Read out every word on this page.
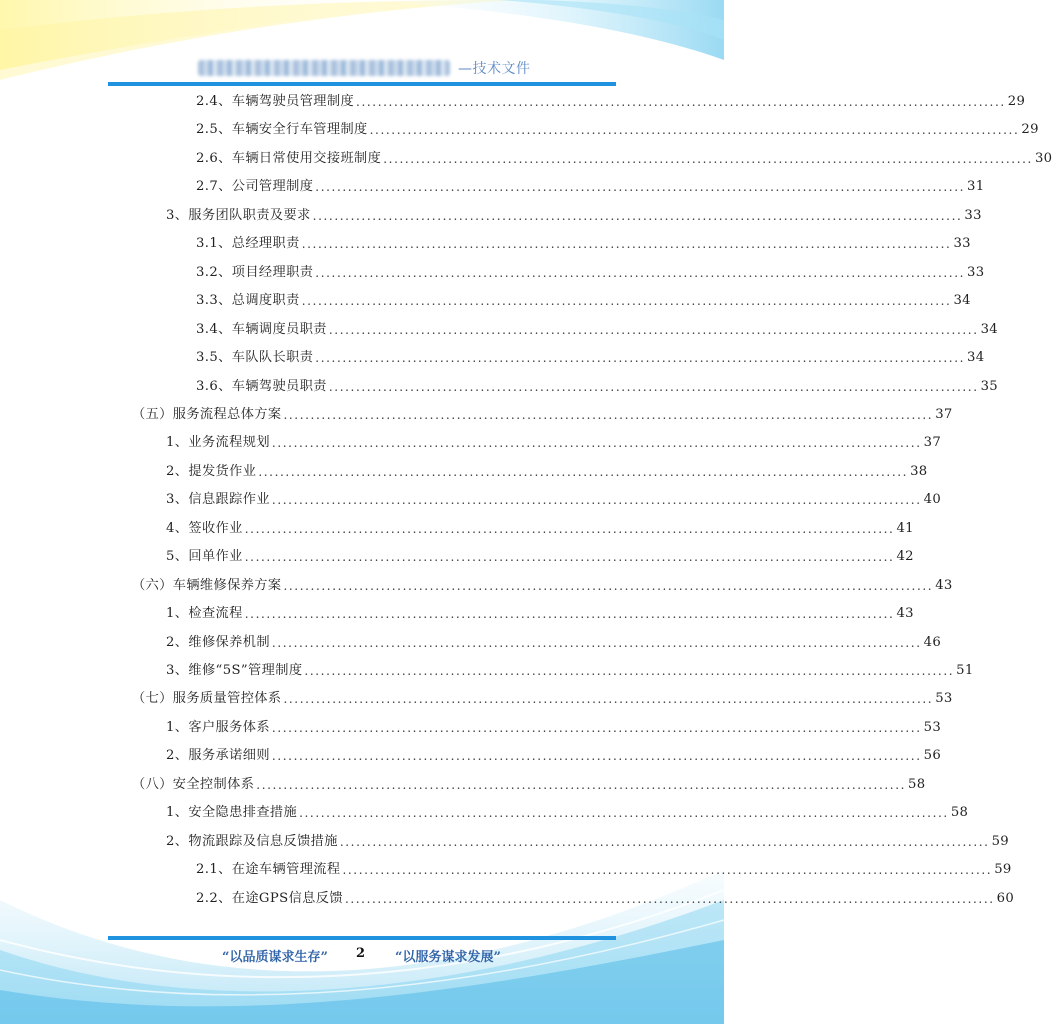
—技术文件
2.4、车辆驾驶员管理制度 ........................................................................................................................ 29
2.5、车辆安全行车管理制度 ........................................................................................................................ 29
2.6、车辆日常使用交接班制度 ........................................................................................................................ 30
2.7、公司管理制度 ........................................................................................................................ 31
3、服务团队职责及要求 ........................................................................................................................ 33
3.1、总经理职责 ........................................................................................................................ 33
3.2、项目经理职责 ........................................................................................................................ 33
3.3、总调度职责 ........................................................................................................................ 34
3.4、车辆调度员职责 ........................................................................................................................ 34
3.5、车队队长职责 ........................................................................................................................ 34
3.6、车辆驾驶员职责 ........................................................................................................................ 35
（五）服务流程总体方案 ........................................................................................................................ 37
1、业务流程规划 ........................................................................................................................ 37
2、提发货作业 ........................................................................................................................ 38
3、信息跟踪作业 ........................................................................................................................ 40
4、签收作业 ........................................................................................................................ 41
5、回单作业 ........................................................................................................................ 42
（六）车辆维修保养方案 ........................................................................................................................ 43
1、检查流程 ........................................................................................................................ 43
2、维修保养机制 ........................................................................................................................ 46
3、维修“5S”管理制度 ........................................................................................................................ 51
（七）服务质量管控体系 ........................................................................................................................ 53
1、客户服务体系 ........................................................................................................................ 53
2、服务承诺细则 ........................................................................................................................ 56
（八）安全控制体系 ........................................................................................................................ 58
1、安全隐患排查措施 ........................................................................................................................ 58
2、物流跟踪及信息反馈措施 ........................................................................................................................ 59
2.1、在途车辆管理流程 ........................................................................................................................ 59
2.2、在途GPS信息反馈 ........................................................................................................................ 60
“以品质谋求生存” 2 “以服务谋求发展”
